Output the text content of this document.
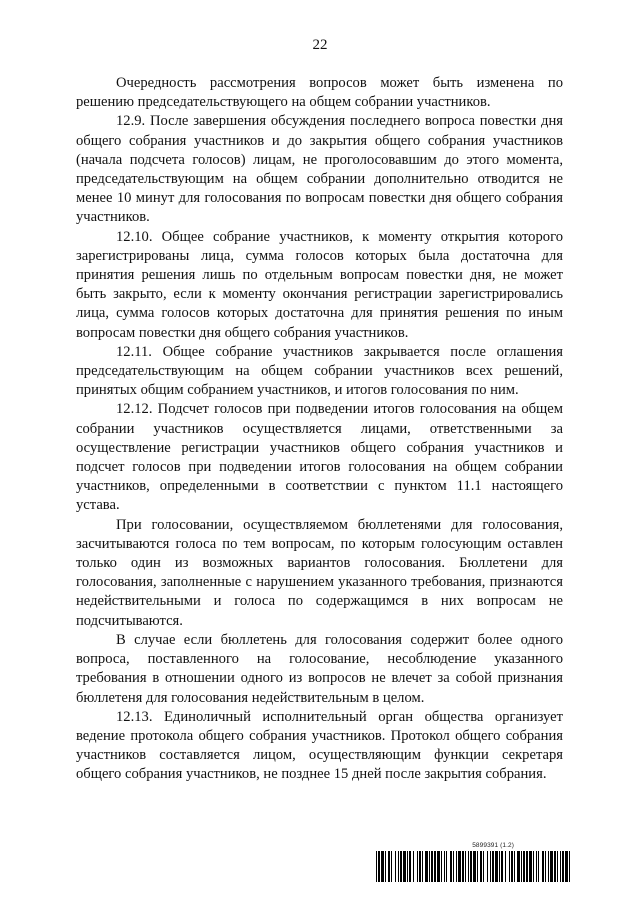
22

Очередность рассмотрения вопросов может быть изменена по решению председательствующего на общем собрании участников.

12.9. После завершения обсуждения последнего вопроса повестки дня общего собрания участников и до закрытия общего собрания участников (начала подсчета голосов) лицам, не проголосовавшим до этого момента, председательствующим на общем собрании дополнительно отводится не менее 10 минут для голосования по вопросам повестки дня общего собрания участников.

12.10. Общее собрание участников, к моменту открытия которого зарегистрированы лица, сумма голосов которых была достаточна для принятия решения лишь по отдельным вопросам повестки дня, не может быть закрыто, если к моменту окончания регистрации зарегистрировались лица, сумма голосов которых достаточна для принятия решения по иным вопросам повестки дня общего собрания участников.

12.11. Общее собрание участников закрывается после оглашения председательствующим на общем собрании участников всех решений, принятых общим собранием участников, и итогов голосования по ним.

12.12. Подсчет голосов при подведении итогов голосования на общем собрании участников осуществляется лицами, ответственными за осуществление регистрации участников общего собрания участников и подсчет голосов при подведении итогов голосования на общем собрании участников, определенными в соответствии с пунктом 11.1 настоящего устава.

При голосовании, осуществляемом бюллетенями для голосования, засчитываются голоса по тем вопросам, по которым голосующим оставлен только один из возможных вариантов голосования. Бюллетени для голосования, заполненные с нарушением указанного требования, признаются недействительными и голоса по содержащимся в них вопросам не подсчитываются.

В случае если бюллетень для голосования содержит более одного вопроса, поставленного на голосование, несоблюдение указанного требования в отношении одного из вопросов не влечет за собой признания бюллетеня для голосования недействительным в целом.

12.13. Единоличный исполнительный орган общества организует ведение протокола общего собрания участников. Протокол общего собрания участников составляется лицом, осуществляющим функции секретаря общего собрания участников, не позднее 15 дней после закрытия собрания.

5899391 (1.2)
